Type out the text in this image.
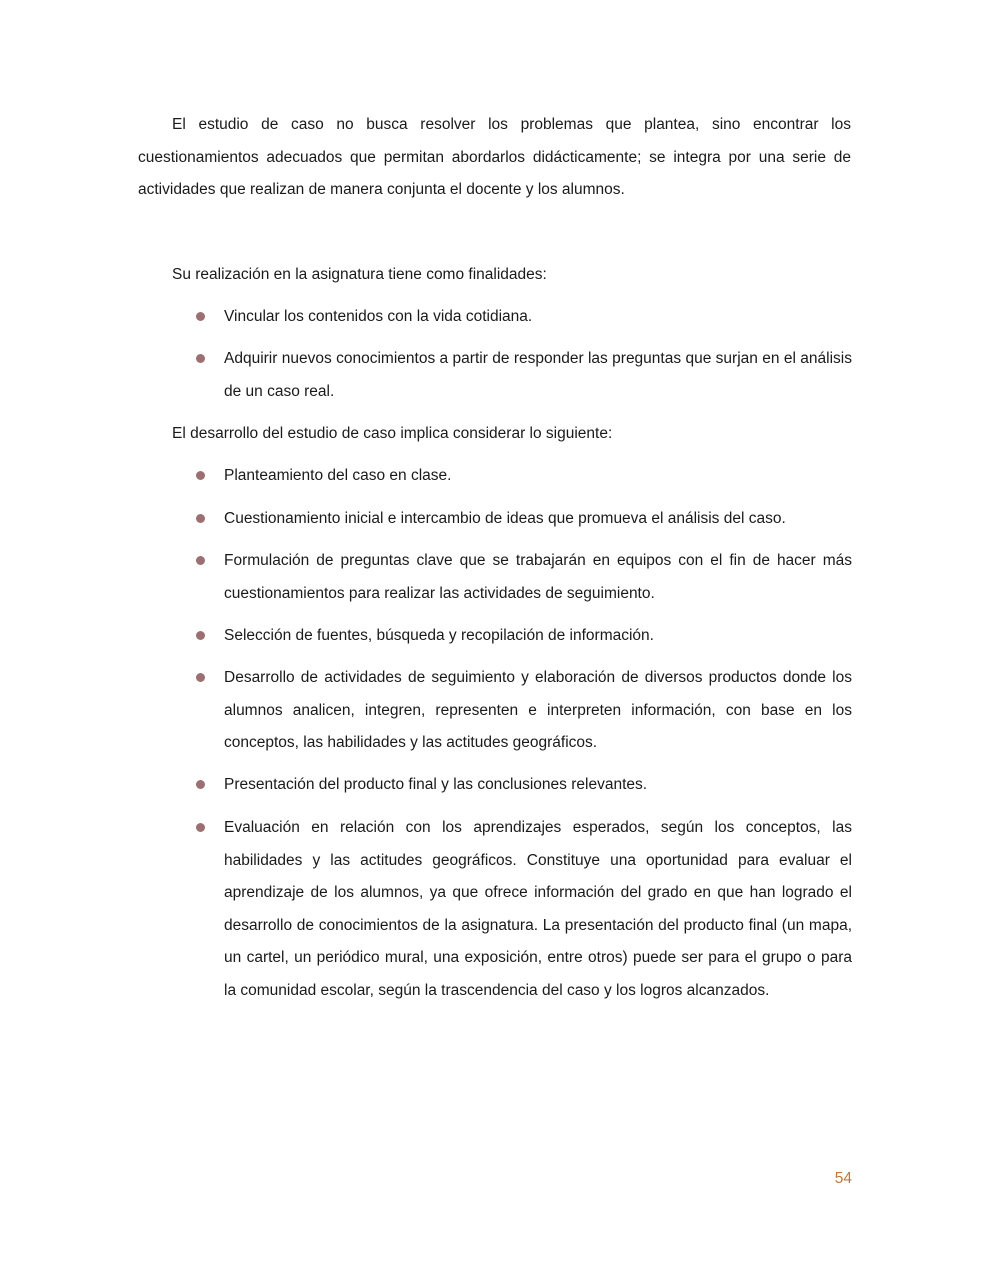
El estudio de caso no busca resolver los problemas que plantea, sino encontrar los cuestionamientos adecuados que permitan abordarlos didácticamente; se integra por una serie de actividades que realizan de manera conjunta el docente y los alumnos.

Su realización en la asignatura tiene como finalidades:

Vincular los contenidos con la vida cotidiana.
Adquirir nuevos conocimientos a partir de responder las preguntas que surjan en el análisis de un caso real.

El desarrollo del estudio de caso implica considerar lo siguiente:

Planteamiento del caso en clase.
Cuestionamiento inicial e intercambio de ideas que promueva el análisis del caso.
Formulación de preguntas clave que se trabajarán en equipos con el fin de hacer más cuestionamientos para realizar las actividades de seguimiento.
Selección de fuentes, búsqueda y recopilación de información.
Desarrollo de actividades de seguimiento y elaboración de diversos productos donde los alumnos analicen, integren, representen e interpreten información, con base en los conceptos, las habilidades y las actitudes geográficos.
Presentación del producto final y las conclusiones relevantes.
Evaluación en relación con los aprendizajes esperados, según los conceptos, las habilidades y las actitudes geográficos. Constituye una oportunidad para evaluar el aprendizaje de los alumnos, ya que ofrece información del grado en que han logrado el desarrollo de conocimientos de la asignatura. La presentación del producto final (un mapa, un cartel, un periódico mural, una exposición, entre otros) puede ser para el grupo o para la comunidad escolar, según la trascendencia del caso y los logros alcanzados.
54
